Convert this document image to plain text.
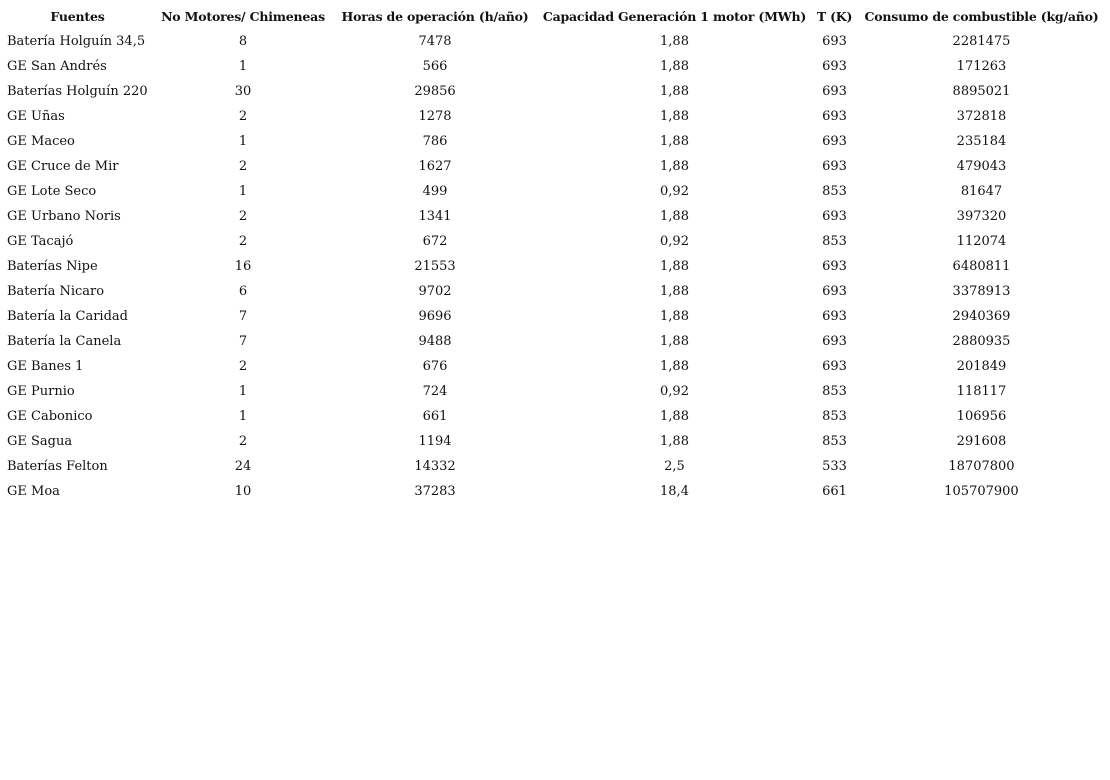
Fuentes	No Motores/ Chimeneas	Horas de operación (h/año)	Capacidad Generación 1 motor (MWh)	T (K)	Consumo de combustible (kg/año)
Batería Holguín 34,5	8	7478	1,88	693	2281475
GE San Andrés	1	566	1,88	693	171263
Baterías Holguín 220	30	29856	1,88	693	8895021
GE Uñas	2	1278	1,88	693	372818
GE Maceo	1	786	1,88	693	235184
GE Cruce de Mir	2	1627	1,88	693	479043
GE Lote Seco	1	499	0,92	853	81647
GE Urbano Noris	2	1341	1,88	693	397320
GE Tacajó	2	672	0,92	853	112074
Baterías Nipe	16	21553	1,88	693	6480811
Batería Nicaro	6	9702	1,88	693	3378913
Batería la Caridad	7	9696	1,88	693	2940369
Batería la Canela	7	9488	1,88	693	2880935
GE Banes 1	2	676	1,88	693	201849
GE Purnio	1	724	0,92	853	118117
GE Cabonico	1	661	1,88	853	106956
GE Sagua	2	1194	1,88	853	291608
Baterías Felton	24	14332	2,5	533	18707800
GE Moa	10	37283	18,4	661	105707900
